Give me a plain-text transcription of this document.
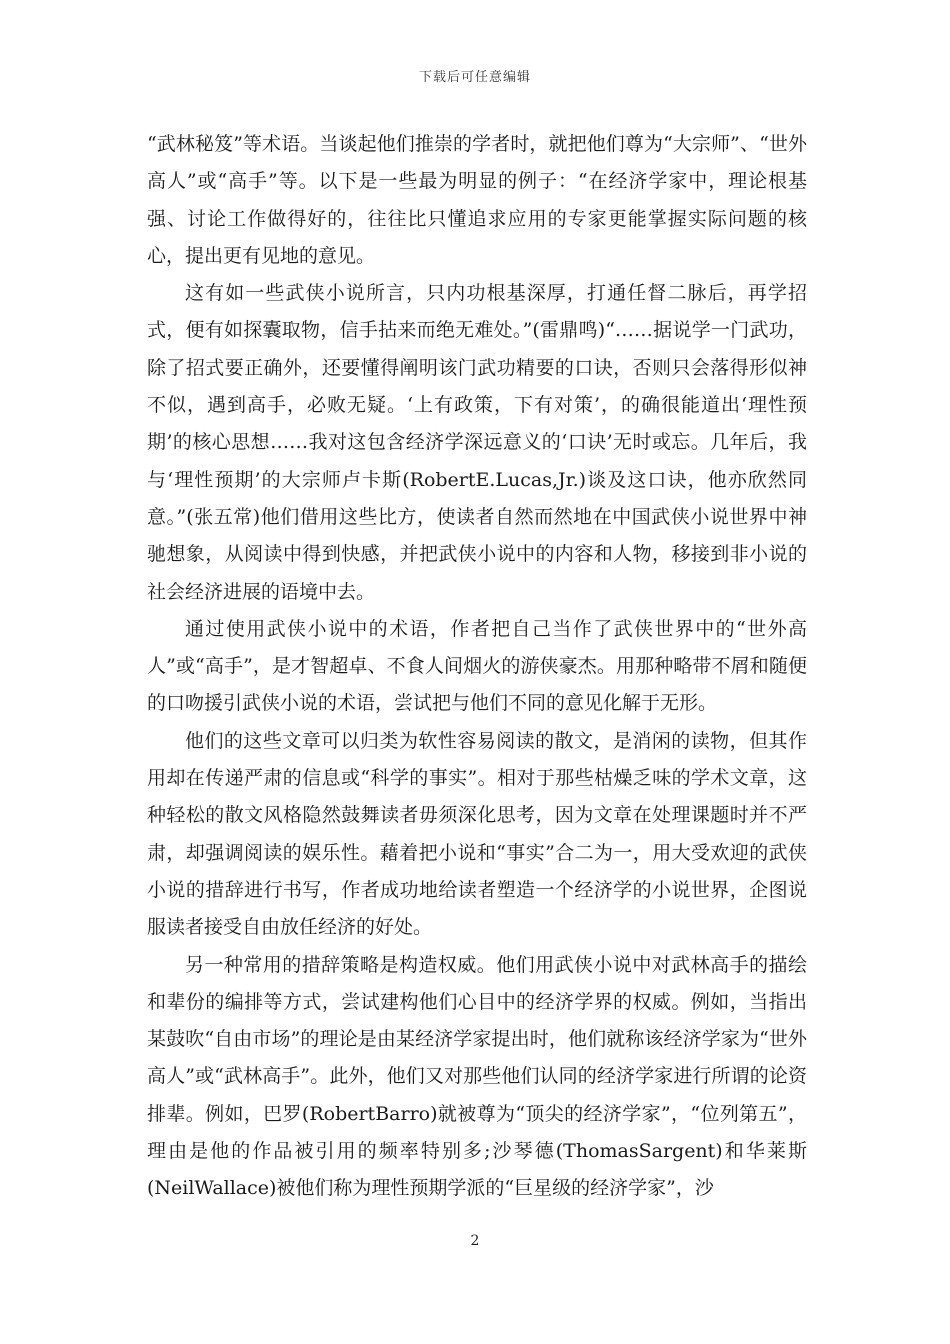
下载后可任意编辑

“武林秘笈”等术语。当谈起他们推崇的学者时，就把他们尊为“大宗师”、“世外高人”或“高手”等。以下是一些最为明显的例子：“在经济学家中，理论根基强、讨论工作做得好的，往往比只懂追求应用的专家更能掌握实际问题的核心，提出更有见地的意见。

这有如一些武侠小说所言，只内功根基深厚，打通任督二脉后，再学招式，便有如探囊取物，信手拈来而绝无难处。”(雷鼎鸣)“……据说学一门武功，除了招式要正确外，还要懂得阐明该门武功精要的口诀，否则只会落得形似神不似，遇到高手，必败无疑。‘上有政策，下有对策’，的确很能道出‘理性预期’的核心思想……我对这包含经济学深远意义的‘口诀’无时或忘。几年后，我与‘理性预期’的大宗师卢卡斯(RobertE.Lucas,Jr.)谈及这口诀，他亦欣然同意。”(张五常)他们借用这些比方，使读者自然而然地在中国武侠小说世界中神驰想象，从阅读中得到快感，并把武侠小说中的内容和人物，移接到非小说的社会经济进展的语境中去。

通过使用武侠小说中的术语，作者把自己当作了武侠世界中的“世外高人”或“高手”，是才智超卓、不食人间烟火的游侠豪杰。用那种略带不屑和随便的口吻援引武侠小说的术语，尝试把与他们不同的意见化解于无形。

他们的这些文章可以归类为软性容易阅读的散文，是消闲的读物，但其作用却在传递严肃的信息或“科学的事实”。相对于那些枯燥乏味的学术文章，这种轻松的散文风格隐然鼓舞读者毋须深化思考，因为文章在处理课题时并不严肃，却强调阅读的娱乐性。藉着把小说和“事实”合二为一，用大受欢迎的武侠小说的措辞进行书写，作者成功地给读者塑造一个经济学的小说世界，企图说服读者接受自由放任经济的好处。

另一种常用的措辞策略是构造权威。他们用武侠小说中对武林高手的描绘和辈份的编排等方式，尝试建构他们心目中的经济学界的权威。例如，当指出某鼓吹“自由市场”的理论是由某经济学家提出时，他们就称该经济学家为“世外高人”或“武林高手”。此外，他们又对那些他们认同的经济学家进行所谓的论资排辈。例如，巴罗(RobertBarro)就被尊为“顶尖的经济学家”，“位列第五”，理由是他的作品被引用的频率特别多;沙琴德(ThomasSargent)和华莱斯(NeilWallace)被他们称为理性预期学派的“巨星级的经济学家”，沙

2
